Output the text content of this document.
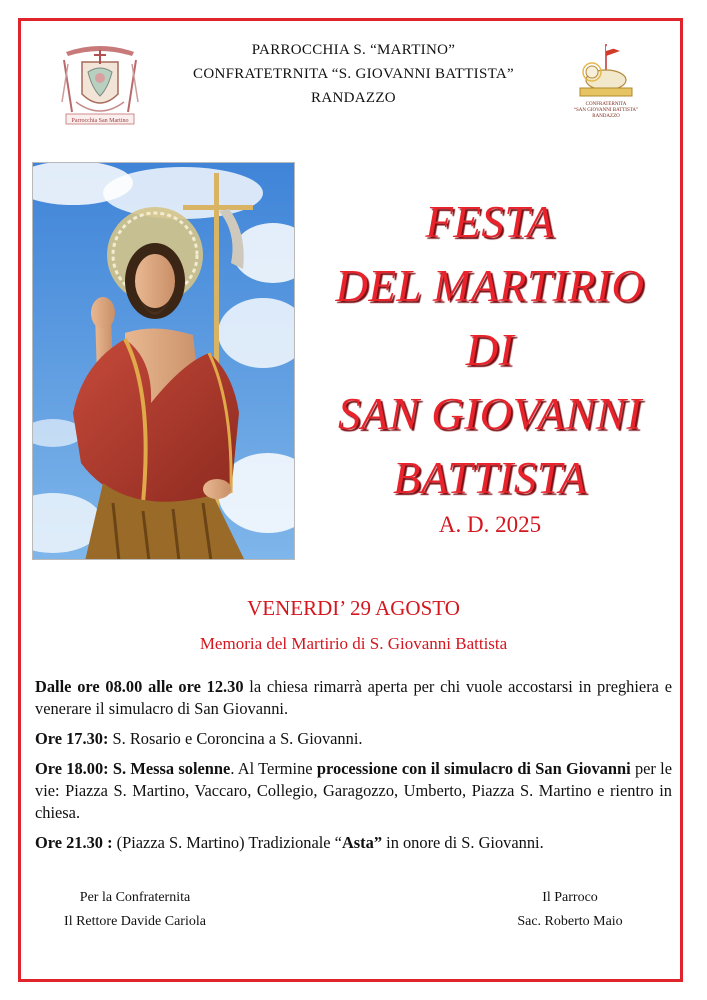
Parrocchia San Martino
PARROCCHIA S. “MARTINO”
CONFRATETRNITA “S. GIOVANNI BATTISTA”
RANDAZZO	CONFRATERNITA
“SAN GIOVANNI BATTISTA”
RANDAZZO
FESTA
DEL MARTIRIO
DI
SAN GIOVANNI
BATTISTA
A. D. 2025
VENERDI’ 29 AGOSTO
Memoria del Martirio di S. Giovanni Battista

Dalle ore 08.00 alle ore 12.30 la chiesa rimarrà aperta per chi vuole accostarsi in preghiera e venerare il simulacro di San Giovanni.

Ore 17.30: S. Rosario e Coroncina a S. Giovanni.

Ore 18.00: S. Messa solenne. Al Termine processione con il simulacro di San Giovanni per le vie: Piazza S. Martino, Vaccaro, Collegio, Garagozzo, Umberto, Piazza S. Martino e rientro in chiesa.

Ore 21.30 : (Piazza S. Martino) Tradizionale “Asta” in onore di S. Giovanni.

Per la Confraternita
Il Rettore Davide Cariola
Il Parroco
Sac. Roberto Maio
